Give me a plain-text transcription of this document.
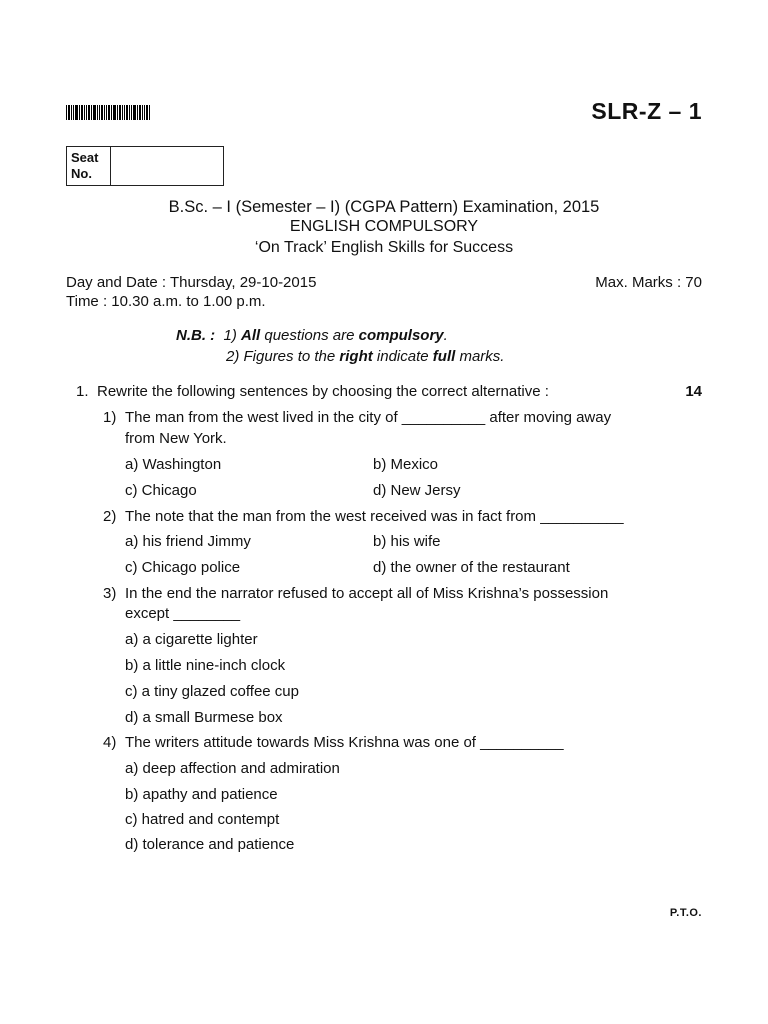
SLR-Z – 1
Seat
No.
B.Sc. – I (Semester – I) (CGPA Pattern) Examination, 2015
ENGLISH COMPULSORY
‘On Track’ English Skills for Success
Day and Date : Thursday, 29-10-2015	Max. Marks : 70
Time : 10.30 a.m. to 1.00 p.m.
N.B. : 1) All questions are compulsory.
2) Figures to the right indicate full marks.
1. Rewrite the following sentences by choosing the correct alternative :	14
1) The man from the west lived in the city of __________ after moving away
from New York.
a) Washington	b) Mexico
c) Chicago	d) New Jersy
2) The note that the man from the west received was in fact from __________
a) his friend Jimmy	b) his wife
c) Chicago police	d) the owner of the restaurant
3) In the end the narrator refused to accept all of Miss Krishna’s possession
except ________
a) a cigarette lighter
b) a little nine-inch clock
c) a tiny glazed coffee cup
d) a small Burmese box
4) The writers attitude towards Miss Krishna was one of __________
a) deep affection and admiration
b) apathy and patience
c) hatred and contempt
d) tolerance and patience
P.T.O.
